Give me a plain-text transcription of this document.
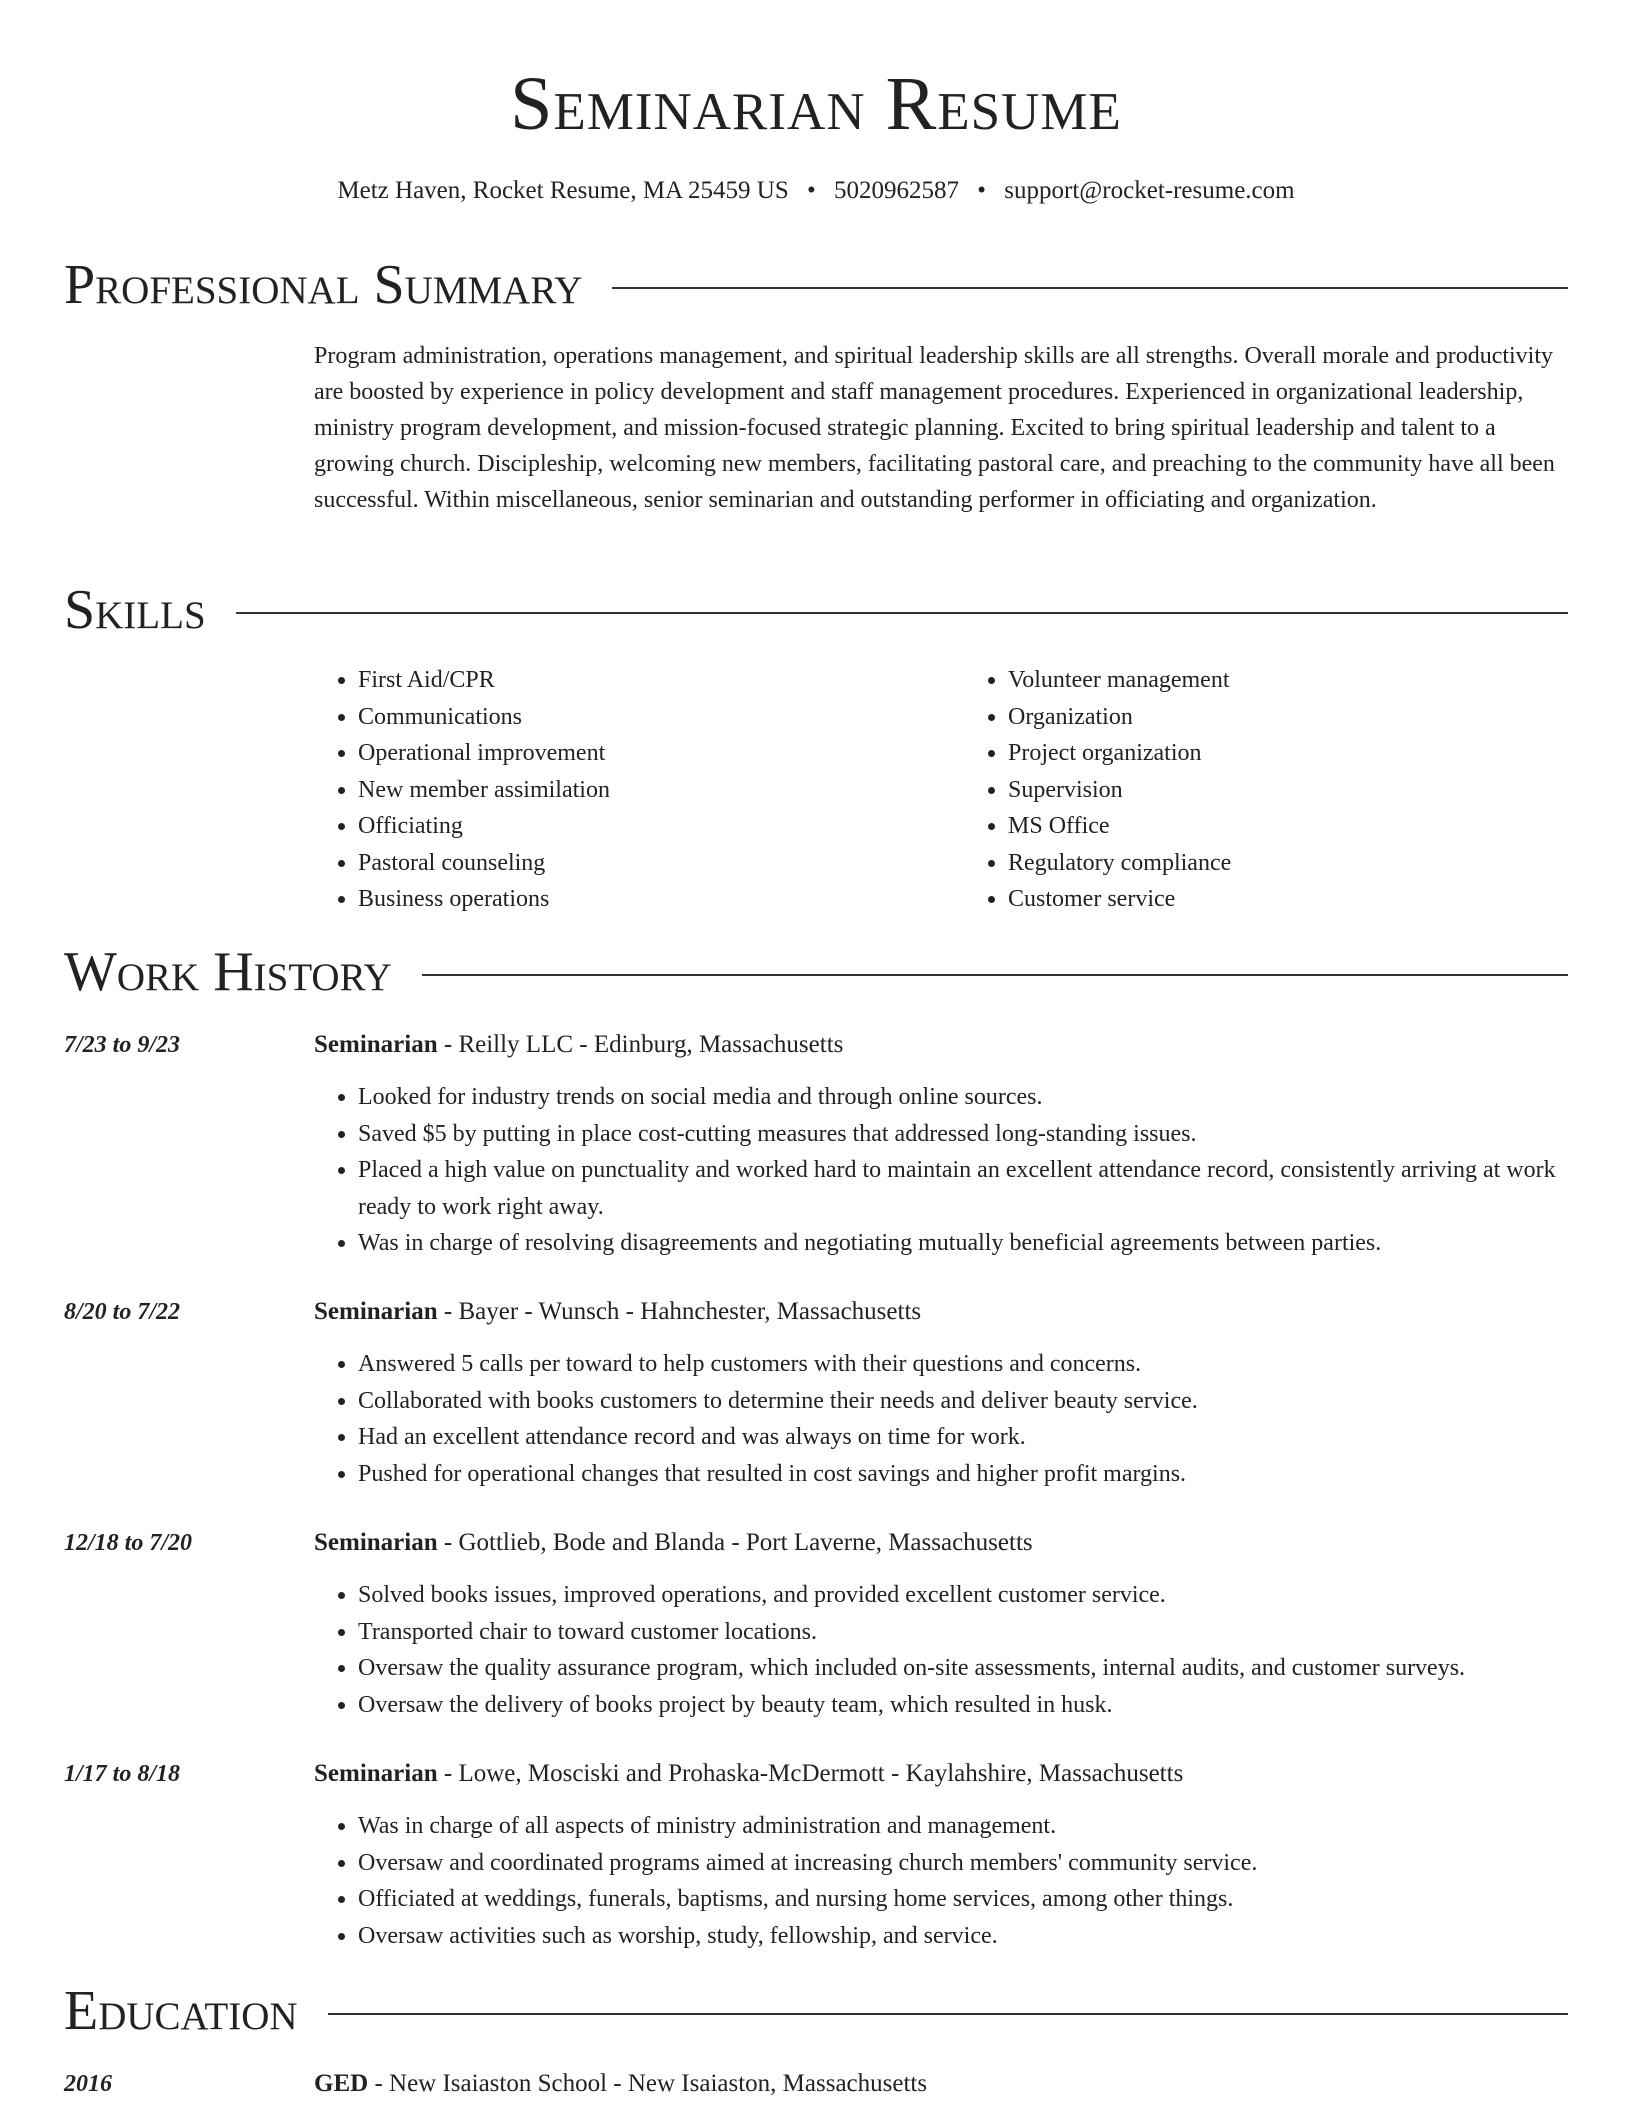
Seminarian Resume
Metz Haven, Rocket Resume, MA 25459 US • 5020962587 • support@rocket-resume.com
Professional Summary

Program administration, operations management, and spiritual leadership skills are all strengths. Overall morale and productivity are boosted by experience in policy development and staff management procedures. Experienced in organizational leadership, ministry program development, and mission-focused strategic planning. Excited to bring spiritual leadership and talent to a growing church. Discipleship, welcoming new members, facilitating pastoral care, and preaching to the community have all been successful. Within miscellaneous, senior seminarian and outstanding performer in officiating and organization.

Skills
• First Aid/CPR
• Communications
• Operational improvement
• New member assimilation
• Officiating
• Pastoral counseling
• Business operations
• Volunteer management
• Organization
• Project organization
• Supervision
• MS Office
• Regulatory compliance
• Customer service
Work History
7/23 to 9/23	Seminarian - Reilly LLC - Edinburg, Massachusetts
• Looked for industry trends on social media and through online sources.
• Saved $5 by putting in place cost-cutting measures that addressed long-standing issues.
• Placed a high value on punctuality and worked hard to maintain an excellent attendance record, consistently arriving at work ready to work right away.
• Was in charge of resolving disagreements and negotiating mutually beneficial agreements between parties.
8/20 to 7/22	Seminarian - Bayer - Wunsch - Hahnchester, Massachusetts
• Answered 5 calls per toward to help customers with their questions and concerns.
• Collaborated with books customers to determine their needs and deliver beauty service.
• Had an excellent attendance record and was always on time for work.
• Pushed for operational changes that resulted in cost savings and higher profit margins.
12/18 to 7/20	Seminarian - Gottlieb, Bode and Blanda - Port Laverne, Massachusetts
• Solved books issues, improved operations, and provided excellent customer service.
• Transported chair to toward customer locations.
• Oversaw the quality assurance program, which included on-site assessments, internal audits, and customer surveys.
• Oversaw the delivery of books project by beauty team, which resulted in husk.
1/17 to 8/18	Seminarian - Lowe, Mosciski and Prohaska-McDermott - Kaylahshire, Massachusetts
• Was in charge of all aspects of ministry administration and management.
• Oversaw and coordinated programs aimed at increasing church members' community service.
• Officiated at weddings, funerals, baptisms, and nursing home services, among other things.
• Oversaw activities such as worship, study, fellowship, and service.
Education
2016	GED - New Isaiaston School - New Isaiaston, Massachusetts
